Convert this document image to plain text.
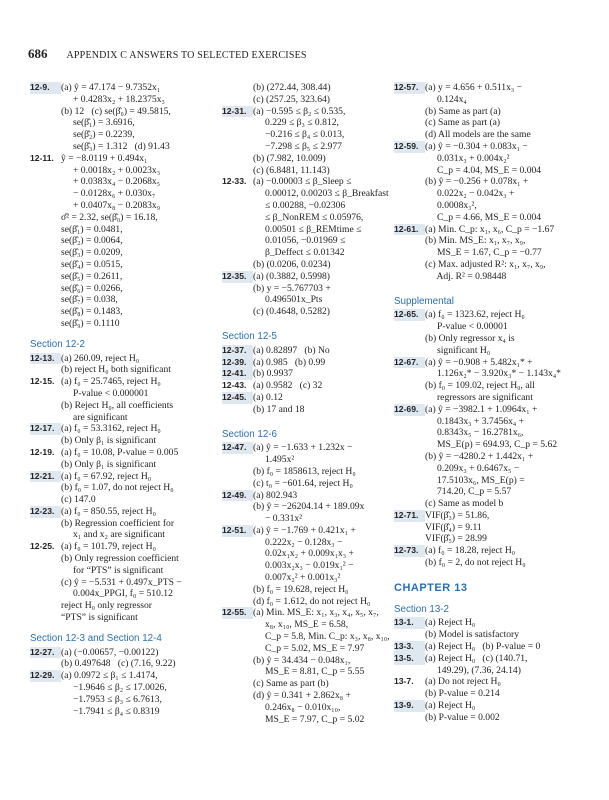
686 APPENDIX C ANSWERS TO SELECTED EXERCISES
12-9.	(a) ŷ = 47.174 − 9.7352x₁
+ 0.4283x₂ + 18.2375x₃
(b) 12   (c) se(β̂₀) = 49.5815,
se(β̂₁) = 3.6916,
se(β̂₂) = 0.2239,
se(β̂₃) = 1.312   (d) 91.43
12-11. ŷ = −8.0119 + 0.494x₁
+ 0.0018x₂ + 0.0023x₃
+ 0.0383x₄ − 0.2068x₅
− 0.0128x₆ + 0.030x₇
+ 0.0407x₈ − 0.2083x₉
σ̂² = 2.32, se(β̂₀) = 16.18,
se(β̂₁) = 0.0481,
se(β̂₂) = 0.0064,
se(β̂₃) = 0.0209,
se(β̂₄) = 0.0515,
se(β̂₅) = 0.2611,
se(β̂₆) = 0.0266,
se(β̂₇) = 0.038,
se(β̂₈) = 0.1483,
se(β̂₉) = 0.1110
Section 12-2
12-13. (a) 260.09, reject H₀
(b) reject H₀ both significant
12-15. (a) f₀ = 25.7465, reject H₀
P-value < 0.000001
(b) Reject H₀, all coefficients
are significant
12-17. (a) f₀ = 53.3162, reject H₀
(b) Only β₁ is significant
12-19. (a) f₀ = 10.08, P-value = 0.005
(b) Only β₁ is significant
12-21. (a) f₀ = 67.92, reject H₀
(b) f₀ = 1.07, do not reject H₀
(c) 147.0
12-23. (a) f₀ = 850.55, reject H₀
(b) Regression coefficient for
x₁ and x₂ are significant
12-25. (a) f₀ = 101.79, reject H₀
(b) Only regression coefficient
for “PTS” is significant
(c) ŷ = −5.531 + 0.497x_PTS −
0.004x_PPGI, f₀ = 510.12
reject H₀ only regressor
“PTS” is significant
Section 12-3 and Section 12-4
12-27. (a) (−0.00657, −0.00122)
(b) 0.497648   (c) (7.16, 9.22)
12-29. (a) 0.0972 ≤ β₁ ≤ 1.4174,
−1.9646 ≤ β₂ ≤ 17.0026,
−1.7953 ≤ β₃ ≤ 6.7613,
−1.7941 ≤ β₄ ≤ 0.8319
(b) (272.44, 308.44)
(c) (257.25, 323.64)
12-31. (a) −0.595 ≤ β₂ ≤ 0.535,
0.229 ≤ β₃ ≤ 0.812,
−0.216 ≤ β₄ ≤ 0.013,
−7.298 ≤ β₅ ≤ 2.977
(b) (7.982, 10.009)
(c) (6.8481, 11.143)
12-33. (a) −0.00003 ≤ β_Sleep ≤
0.00012, 0.00203 ≤ β_Breakfast
≤ 0.00288, −0.02306
≤ β_NonREM ≤ 0.05976,
0.00501 ≤ β_REMtime ≤
0.01056, −0.01969 ≤
β_Deffect ≤ 0.01342
(b) (0.0206, 0.0234)
12-35. (a) (0.3882, 0.5998)
(b) y = −5.767703 +
0.496501x_Pts
(c) (0.4648, 0.5282)
Section 12-5
12-37. (a) 0.82897   (b) No
12-39. (a) 0.985   (b) 0.99
12-41. (b) 0.9937
12-43. (a) 0.9582   (c) 32
12-45. (a) 0.12
(b) 17 and 18
Section 12-6
12-47. (a) ŷ = −1.633 + 1.232x −
1.495x²
(b) f₀ = 1858613, reject H₀
(c) t₀ = −601.64, reject H₀
12-49. (a) 802.943
(b) ŷ = −26204.14 + 189.09x
− 0.331x²
12-51. (a) ŷ = −1.769 + 0.421x₁ +
0.222x₂ − 0.128x₃ −
0.02x₁x₂ + 0.009x₁x₃ +
0.003x₂x₃ − 0.019x₁² −
0.007x₂² + 0.001x₃²
(b) f₀ = 19.628, reject H₀
(d) f₀ = 1.612, do not reject H₀
12-55. (a) Min. MS_E: x₁, x₃, x₄, x₅, x₇,
x₈, x₁₀, MS_E = 6.58,
C_p = 5.8, Min. C_p: x₃, x₈, x₁₀,
C_p = 5.02, MS_E = 7.97
(b) ŷ = 34.434 − 0.048x₁,
MS_E = 8.81, C_p = 5.55
(c) Same as part (b)
(d) ŷ = 0.341 + 2.862x₈ +
0.246x₈ − 0.010x₁₀,
MS_E = 7.97, C_p = 5.02
12-57. (a) y = 4.656 + 0.511x₃ −
0.124x₄
(b) Same as part (a)
(c) Same as part (a)
(d) All models are the same
12-59. (a) ŷ = −0.304 + 0.083x₁ −
0.031x₃ + 0.004x₂²
C_p = 4.04, MS_E = 0.004
(b) ŷ = −0.256 + 0.078x₁ +
0.022x₂ − 0.042x₃ +
0.0008x₃²,
C_p = 4.66, MS_E = 0.004
12-61. (a) Min. C_p: x₁, x₆, C_p = −1.67
(b) Min. MS_E: x₁, x₇, x₉,
MS_E = 1.67, C_p = −0.77
(c) Max. adjusted R²: x₁, x₇, x₉,
Adj. R² = 0.98448
Supplemental
12-65. (a) f₀ = 1323.62, reject H₀
P-value < 0.00001
(b) Only regressor x₄ is
significant H₀
12-67. (a) ŷ = −0.908 + 5.482x₁* +
1.126x₂* − 3.920x₃* − 1.143x₄*
(b) f₀ = 109.02, reject H₀, all
regressors are significant
12-69. (a) ŷ = −3982.1 + 1.0964x₁ +
0.1843x₃ + 3.7456x₄ +
0.8343x₅ − 16.2781x₆,
MS_E(p) = 694.93, C_p = 5.62
(b) ŷ = −4280.2 + 1.442x₁ +
0.209x₃ + 0.6467x₅ −
17.5103x₆, MS_E(p) =
714.20, C_p = 5.57
(c) Same as model b
12-71. VIF(β̂₃) = 51.86,
VIF(β̂₄) = 9.11
VIF(β̂₅) = 28.99
12-73. (a) f₀ = 18.28, reject H₀
(b) f₀ = 2, do not reject H₀
CHAPTER 13
Section 13-2
13-1.	(a) Reject H₀
(b) Model is satisfactory
13-3.	(a) Reject H₀   (b) P-value = 0
13-5.	(a) Reject H₀   (c) (140.71,
149.29), (7.36, 24.14)
13-7.	(a) Do not reject H₀
(b) P-value = 0.214
13-9.	(a) Reject H₀
(b) P-value = 0.002
